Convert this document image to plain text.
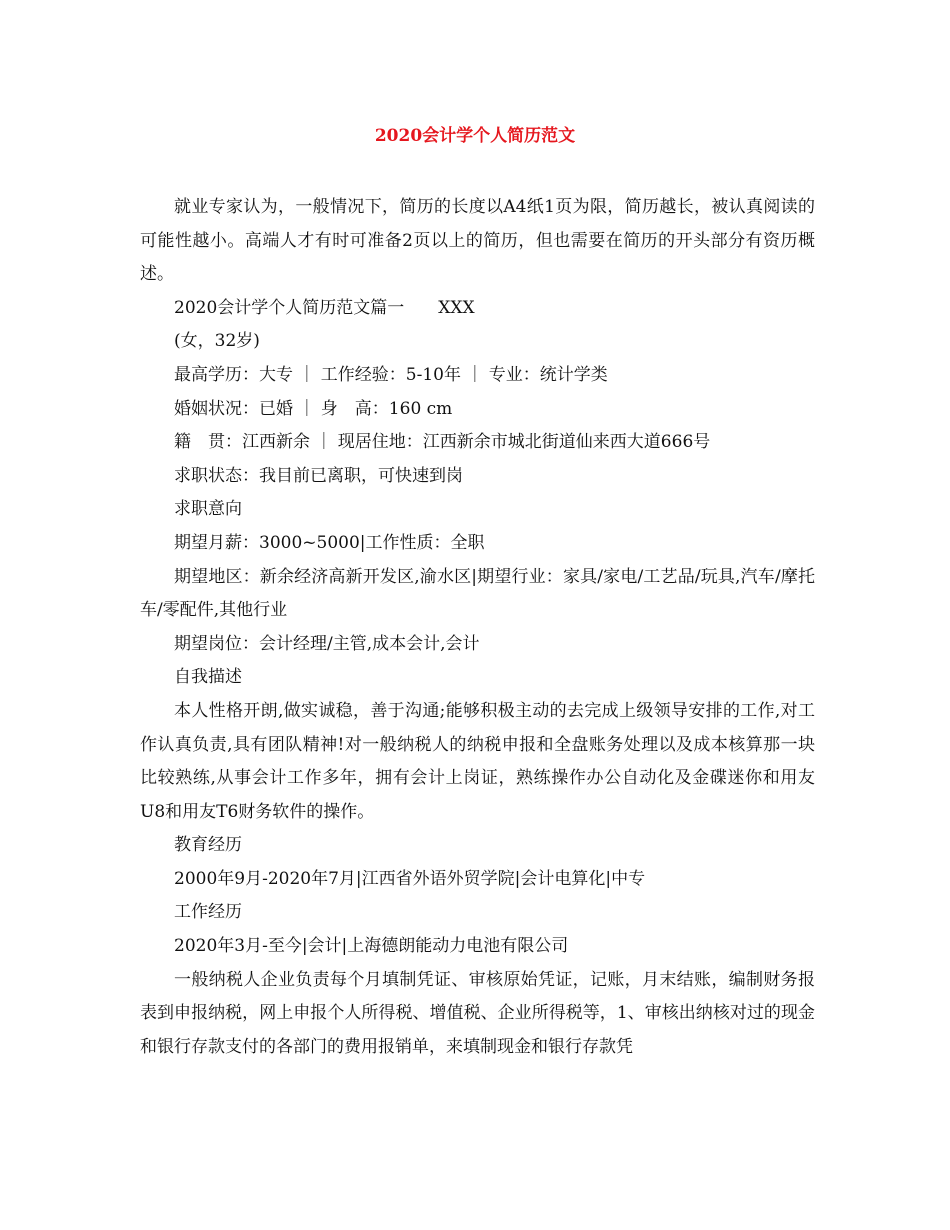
2020会计学个人简历范文

就业专家认为，一般情况下，简历的长度以A4纸1页为限，简历越长，被认真阅读的可能性越小。高端人才有时可准备2页以上的简历，但也需要在简历的开头部分有资历概述。

2020会计学个人简历范文篇一　　XXX

(女，32岁)

最高学历：大专 ｜ 工作经验：5-10年 ｜ 专业：统计学类

婚姻状况：已婚 ｜ 身　高：160 cm

籍　贯：江西新余 ｜ 现居住地：江西新余市城北街道仙来西大道666号

求职状态：我目前已离职，可快速到岗

求职意向

期望月薪：3000~5000|工作性质：全职

期望地区：新余经济高新开发区,渝水区|期望行业：家具/家电/工艺品/玩具,汽车/摩托车/零配件,其他行业

期望岗位：会计经理/主管,成本会计,会计

自我描述

本人性格开朗,做实诚稳，善于沟通;能够积极主动的去完成上级领导安排的工作,对工作认真负责,具有团队精神!对一般纳税人的纳税申报和全盘账务处理以及成本核算那一块比较熟练,从事会计工作多年，拥有会计上岗证，熟练操作办公自动化及金碟迷你和用友U8和用友T6财务软件的操作。

教育经历

2000年9月-2020年7月|江西省外语外贸学院|会计电算化|中专

工作经历

2020年3月-至今|会计|上海德朗能动力电池有限公司

一般纳税人企业负责每个月填制凭证、审核原始凭证，记账，月末结账，编制财务报表到申报纳税，网上申报个人所得税、增值税、企业所得税等，1、审核出纳核对过的现金和银行存款支付的各部门的费用报销单，来填制现金和银行存款凭
